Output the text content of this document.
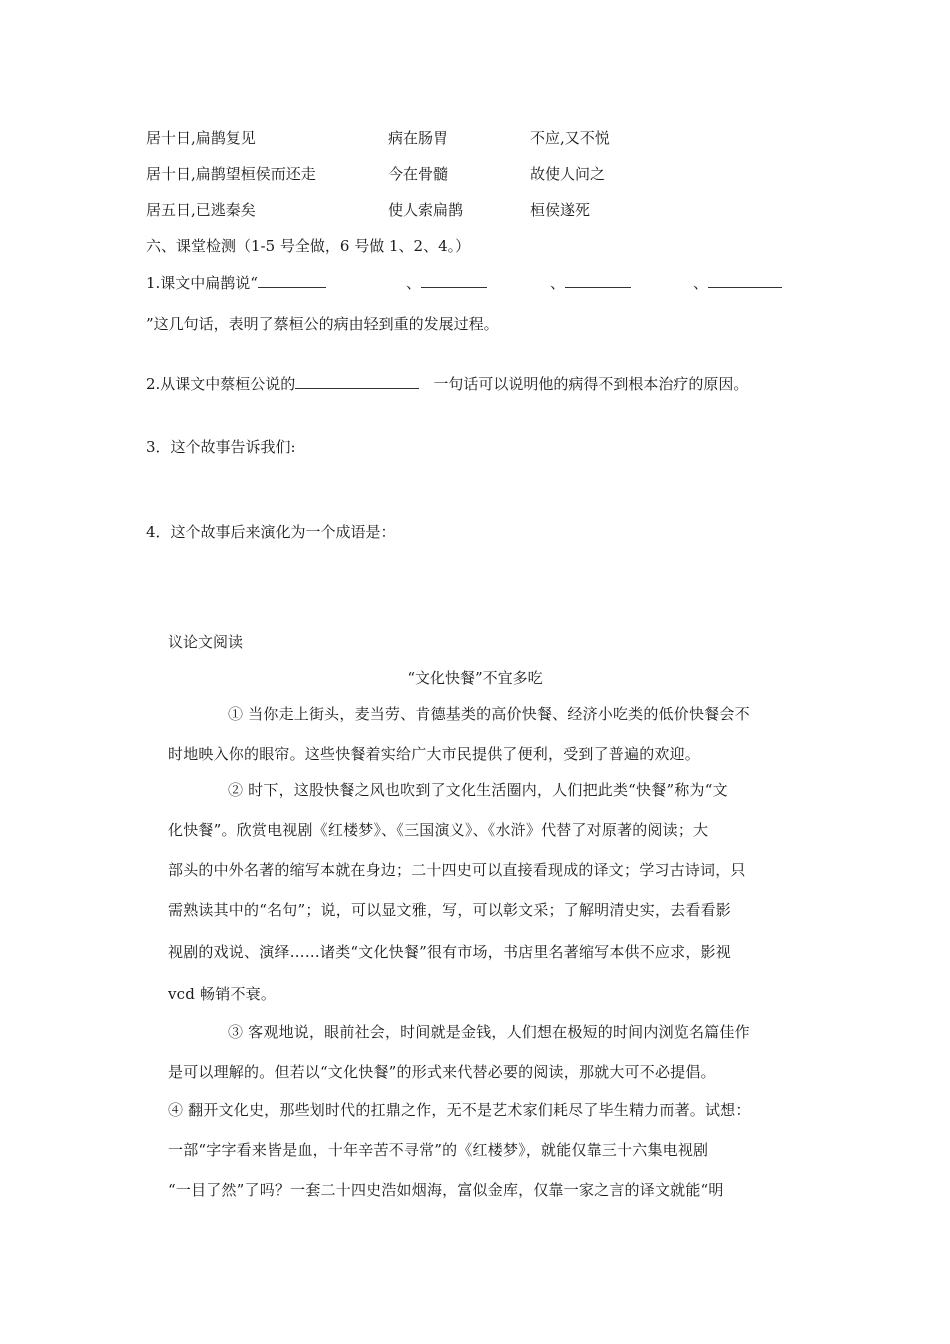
居十日,扁鹊复见	病在肠胃	不应,又不悦
居十日,扁鹊望桓侯而还走	今在骨髓	故使人问之
居五日,已逃秦矣	使人索扁鹊	桓侯遂死
六、课堂检测（1-5 号全做，6 号做 1、2、4。）
1.课文中扁鹊说“	、	、	、
”这几句话，表明了蔡桓公的病由轻到重的发展过程。
2.从课文中蔡桓公说的	一句话可以说明他的病得不到根本治疗的原因。
3．这个故事告诉我们:
4．这个故事后来演化为一个成语是：
议论文阅读
“文化快餐”不宜多吃
① 当你走上街头，麦当劳、肯德基类的高价快餐、经济小吃类的低价快餐会不
时地映入你的眼帘。这些快餐着实给广大市民提供了便利，受到了普遍的欢迎。
② 时下，这股快餐之风也吹到了文化生活圈内，人们把此类“快餐”称为“文
化快餐”。欣赏电视剧《红楼梦》、《三国演义》、《水浒》代替了对原著的阅读；大
部头的中外名著的缩写本就在身边；二十四史可以直接看现成的译文；学习古诗词，只
需熟读其中的“名句”；说，可以显文雅，写，可以彰文采；了解明清史实，去看看影
视剧的戏说、演绎……诸类“文化快餐”很有市场，书店里名著缩写本供不应求，影视
vcd 畅销不衰。
③ 客观地说，眼前社会，时间就是金钱，人们想在极短的时间内浏览名篇佳作
是可以理解的。但若以“文化快餐”的形式来代替必要的阅读，那就大可不必提倡。
④ 翻开文化史，那些划时代的扛鼎之作，无不是艺术家们耗尽了毕生精力而著。试想：
一部“字字看来皆是血，十年辛苦不寻常”的《红楼梦》，就能仅靠三十六集电视剧
“一目了然”了吗？一套二十四史浩如烟海，富似金库，仅靠一家之言的译文就能“明
